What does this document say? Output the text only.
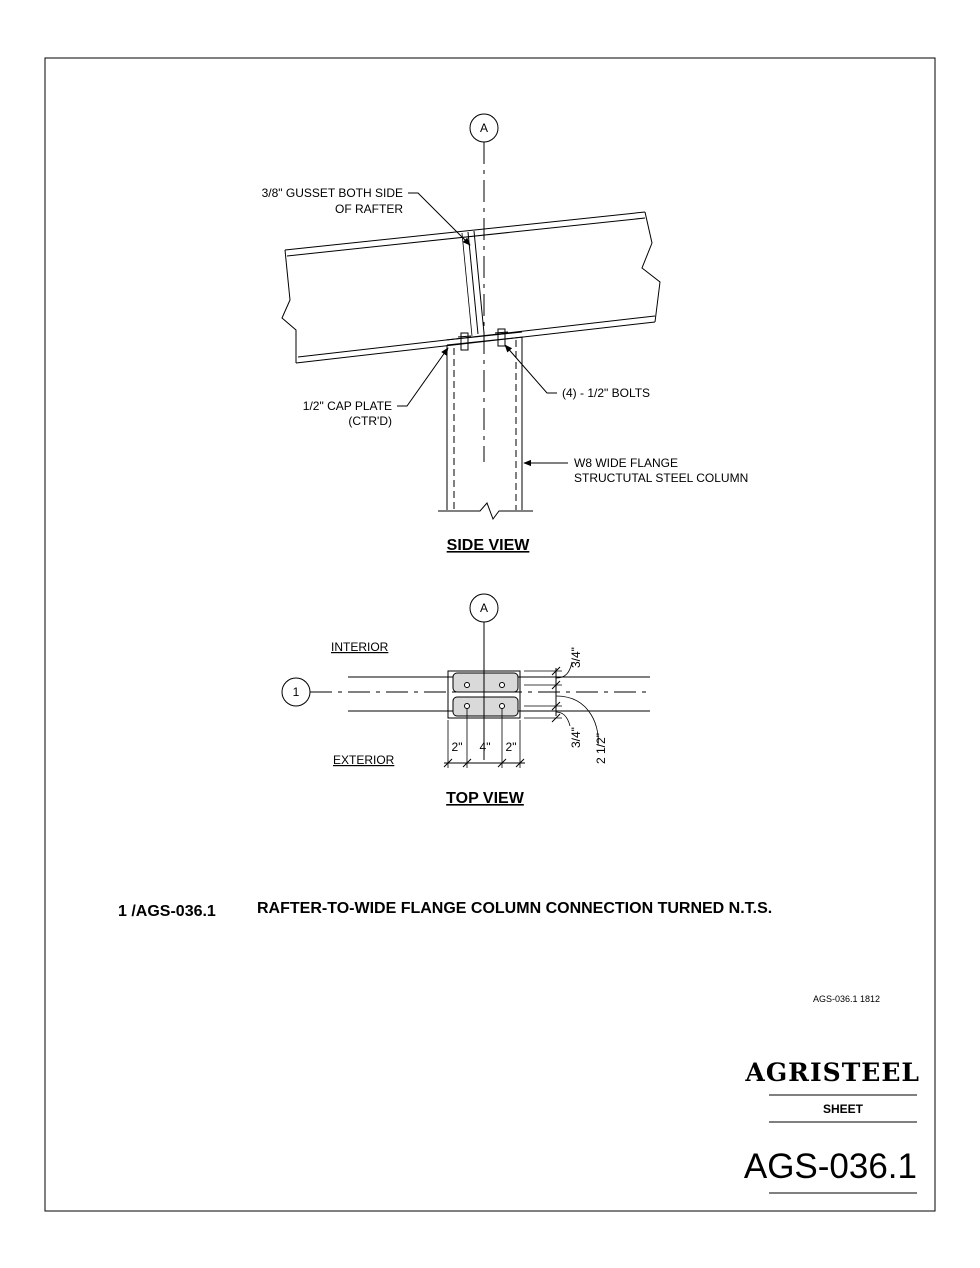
A
3/8" GUSSET BOTH SIDE
OF RAFTER
1/2" CAP PLATE
(CTR'D)
(4) - 1/2" BOLTS
W8 WIDE FLANGE
STRUCTUTAL STEEL COLUMN
SIDE VIEW
A
1
INTERIOR
EXTERIOR
2" 4" 2"
3/4"
3/4" 2 1/2"
TOP VIEW
1 /AGS-036.1	RAFTER-TO-WIDE FLANGE COLUMN CONNECTION TURNED N.T.S.
AGS-036.1 1812
AGRISTEEL
SHEET
AGS-036.1
